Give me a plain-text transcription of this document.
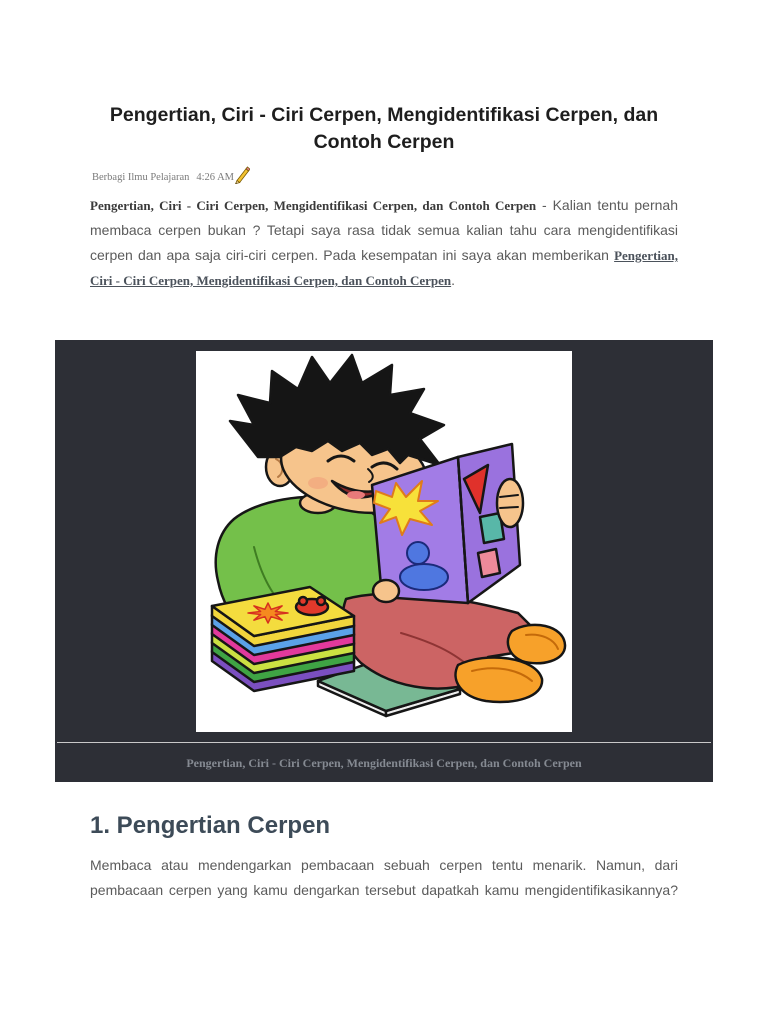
Pengertian, Ciri - Ciri Cerpen, Mengidentifikasi Cerpen, dan Contoh Cerpen
Berbagi Ilmu Pelajaran 4:26 AM

Pengertian, Ciri - Ciri Cerpen, Mengidentifikasi Cerpen, dan Contoh Cerpen - Kalian tentu pernah membaca cerpen bukan ? Tetapi saya rasa tidak semua kalian tahu cara mengidentifikasi cerpen dan apa saja ciri-ciri cerpen. Pada kesempatan ini saya akan memberikan Pengertian, Ciri - Ciri Cerpen, Mengidentifikasi Cerpen, dan Contoh Cerpen.

Pengertian, Ciri - Ciri Cerpen, Mengidentifikasi Cerpen, dan Contoh Cerpen
1. Pengertian Cerpen

Membaca atau mendengarkan pembacaan sebuah cerpen tentu menarik. Namun, dari pembacaan cerpen yang kamu dengarkan tersebut dapatkah kamu mengidentifikasikannya?
